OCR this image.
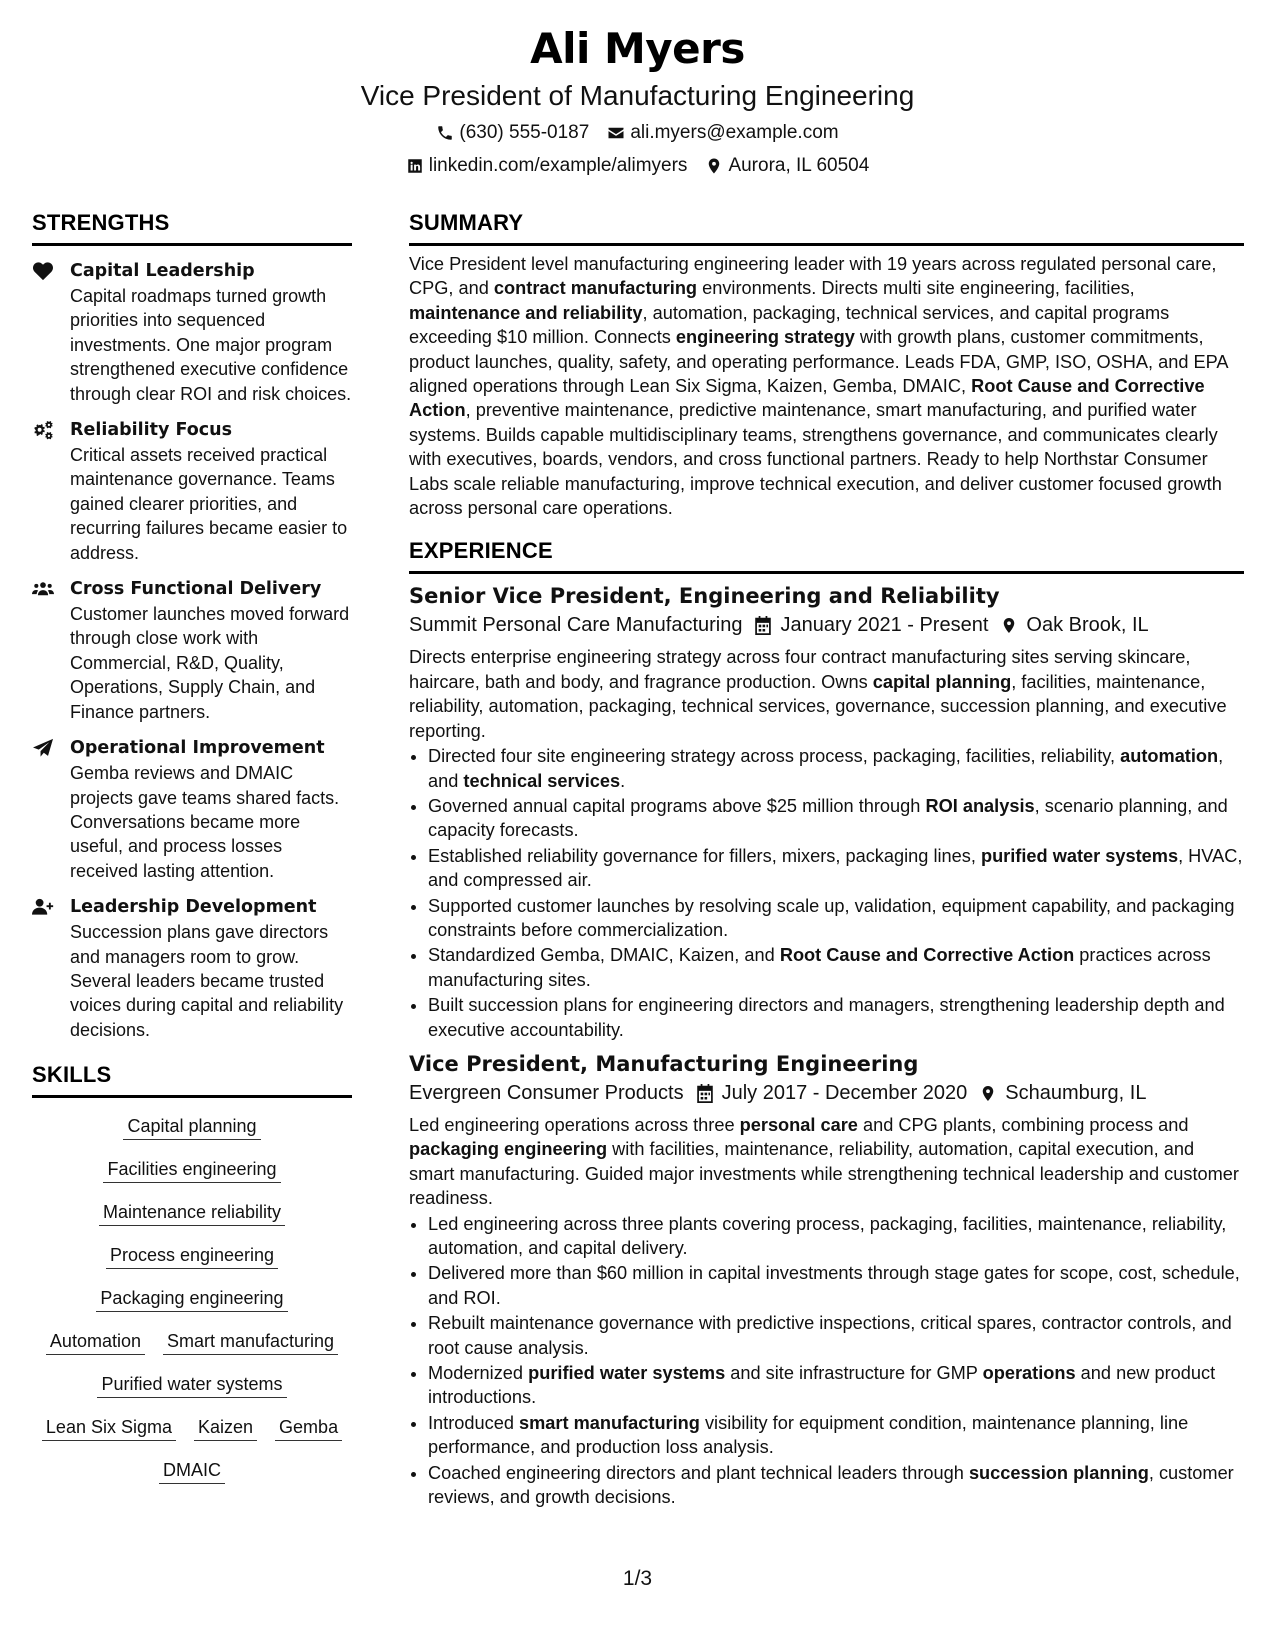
Ali Myers
Vice President of Manufacturing Engineering
(630) 555-0187 ali.myers@example.com
linkedin.com/example/alimyers Aurora, IL 60504
STRENGTHS
Capital Leadership
Capital roadmaps turned growth priorities into sequenced investments. One major program strengthened executive confidence through clear ROI and risk choices.
Reliability Focus
Critical assets received practical maintenance governance. Teams gained clearer priorities, and recurring failures became easier to address.
Cross Functional Delivery
Customer launches moved forward through close work with Commercial, R&D, Quality, Operations, Supply Chain, and Finance partners.
Operational Improvement
Gemba reviews and DMAIC projects gave teams shared facts. Conversations became more useful, and process losses received lasting attention.
Leadership Development
Succession plans gave directors and managers room to grow. Several leaders became trusted voices during capital and reliability decisions.
SKILLS
Capital planning
Facilities engineering
Maintenance reliability
Process engineering
Packaging engineering
Automation Smart manufacturing
Purified water systems
Lean Six Sigma Kaizen Gemba
DMAIC
SUMMARY
Vice President level manufacturing engineering leader with 19 years across regulated personal care, CPG, and contract manufacturing environments. Directs multi site engineering, facilities, maintenance and reliability, automation, packaging, technical services, and capital programs exceeding $10 million. Connects engineering strategy with growth plans, customer commitments, product launches, quality, safety, and operating performance. Leads FDA, GMP, ISO, OSHA, and EPA aligned operations through Lean Six Sigma, Kaizen, Gemba, DMAIC, Root Cause and Corrective Action, preventive maintenance, predictive maintenance, smart manufacturing, and purified water systems. Builds capable multidisciplinary teams, strengthens governance, and communicates clearly with executives, boards, vendors, and cross functional partners. Ready to help Northstar Consumer Labs scale reliable manufacturing, improve technical execution, and deliver customer focused growth across personal care operations.
EXPERIENCE
Senior Vice President, Engineering and Reliability
Summit Personal Care Manufacturing January 2021 - Present Oak Brook, IL
Directs enterprise engineering strategy across four contract manufacturing sites serving skincare, haircare, bath and body, and fragrance production. Owns capital planning, facilities, maintenance, reliability, automation, packaging, technical services, governance, succession planning, and executive reporting.
• Directed four site engineering strategy across process, packaging, facilities, reliability, automation, and technical services.
• Governed annual capital programs above $25 million through ROI analysis, scenario planning, and capacity forecasts.
• Established reliability governance for fillers, mixers, packaging lines, purified water systems, HVAC, and compressed air.
• Supported customer launches by resolving scale up, validation, equipment capability, and packaging constraints before commercialization.
• Standardized Gemba, DMAIC, Kaizen, and Root Cause and Corrective Action practices across manufacturing sites.
• Built succession plans for engineering directors and managers, strengthening leadership depth and executive accountability.
Vice President, Manufacturing Engineering
Evergreen Consumer Products July 2017 - December 2020 Schaumburg, IL
Led engineering operations across three personal care and CPG plants, combining process and packaging engineering with facilities, maintenance, reliability, automation, capital execution, and smart manufacturing. Guided major investments while strengthening technical leadership and customer readiness.
• Led engineering across three plants covering process, packaging, facilities, maintenance, reliability, automation, and capital delivery.
• Delivered more than $60 million in capital investments through stage gates for scope, cost, schedule, and ROI.
• Rebuilt maintenance governance with predictive inspections, critical spares, contractor controls, and root cause analysis.
• Modernized purified water systems and site infrastructure for GMP operations and new product introductions.
• Introduced smart manufacturing visibility for equipment condition, maintenance planning, line performance, and production loss analysis.
• Coached engineering directors and plant technical leaders through succession planning, customer reviews, and growth decisions.
1/3
